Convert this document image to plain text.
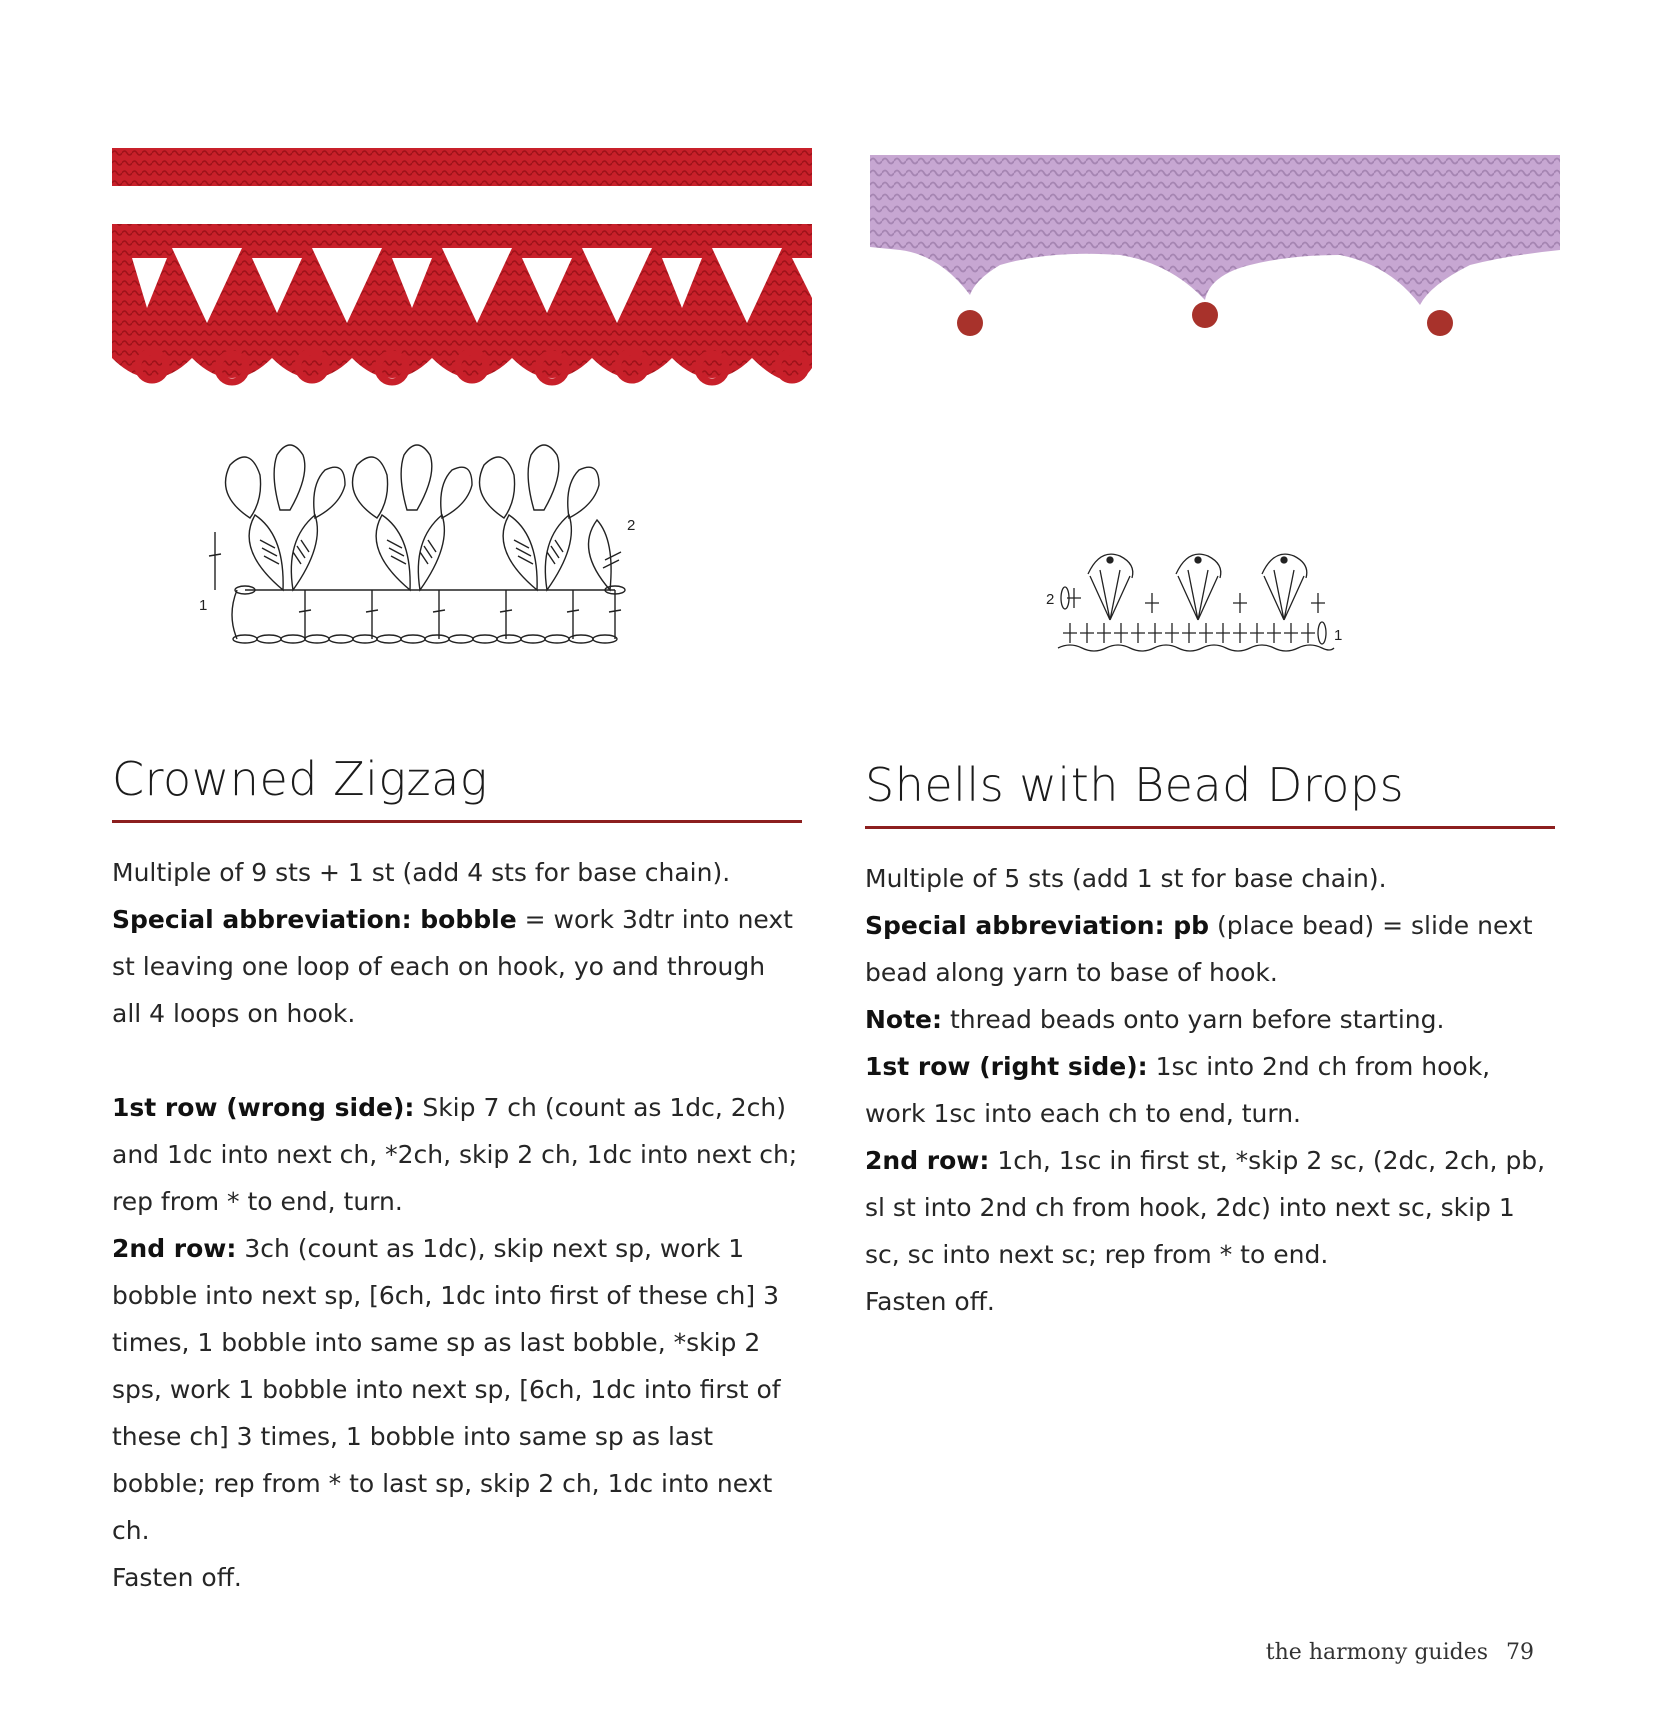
1
2
2
1
Crowned Zigzag

Multiple of 9 sts + 1 st (add 4 sts for base chain).

Special abbreviation: bobble = work 3dtr into next st leaving one loop of each on hook, yo and through all 4 loops on hook.

1st row (wrong side): Skip 7 ch (count as 1dc, 2ch) and 1dc into next ch, *2ch, skip 2 ch, 1dc into next ch; rep from * to end, turn.

2nd row: 3ch (count as 1dc), skip next sp, work 1 bobble into next sp, [6ch, 1dc into first of these ch] 3 times, 1 bobble into same sp as last bobble, *skip 2 sps, work 1 bobble into next sp, [6ch, 1dc into first of these ch] 3 times, 1 bobble into same sp as last bobble; rep from * to last sp, skip 2 ch, 1dc into next ch.

Fasten off.

Shells with Bead Drops

Multiple of 5 sts (add 1 st for base chain).

Special abbreviation: pb (place bead) = slide next bead along yarn to base of hook.

Note: thread beads onto yarn before starting.

1st row (right side): 1sc into 2nd ch from hook, work 1sc into each ch to end, turn.

2nd row: 1ch, 1sc in first st, *skip 2 sc, (2dc, 2ch, pb, sl st into 2nd ch from hook, 2dc) into next sc, skip 1 sc, sc into next sc; rep from * to end.

Fasten off.

the harmony guides 79
